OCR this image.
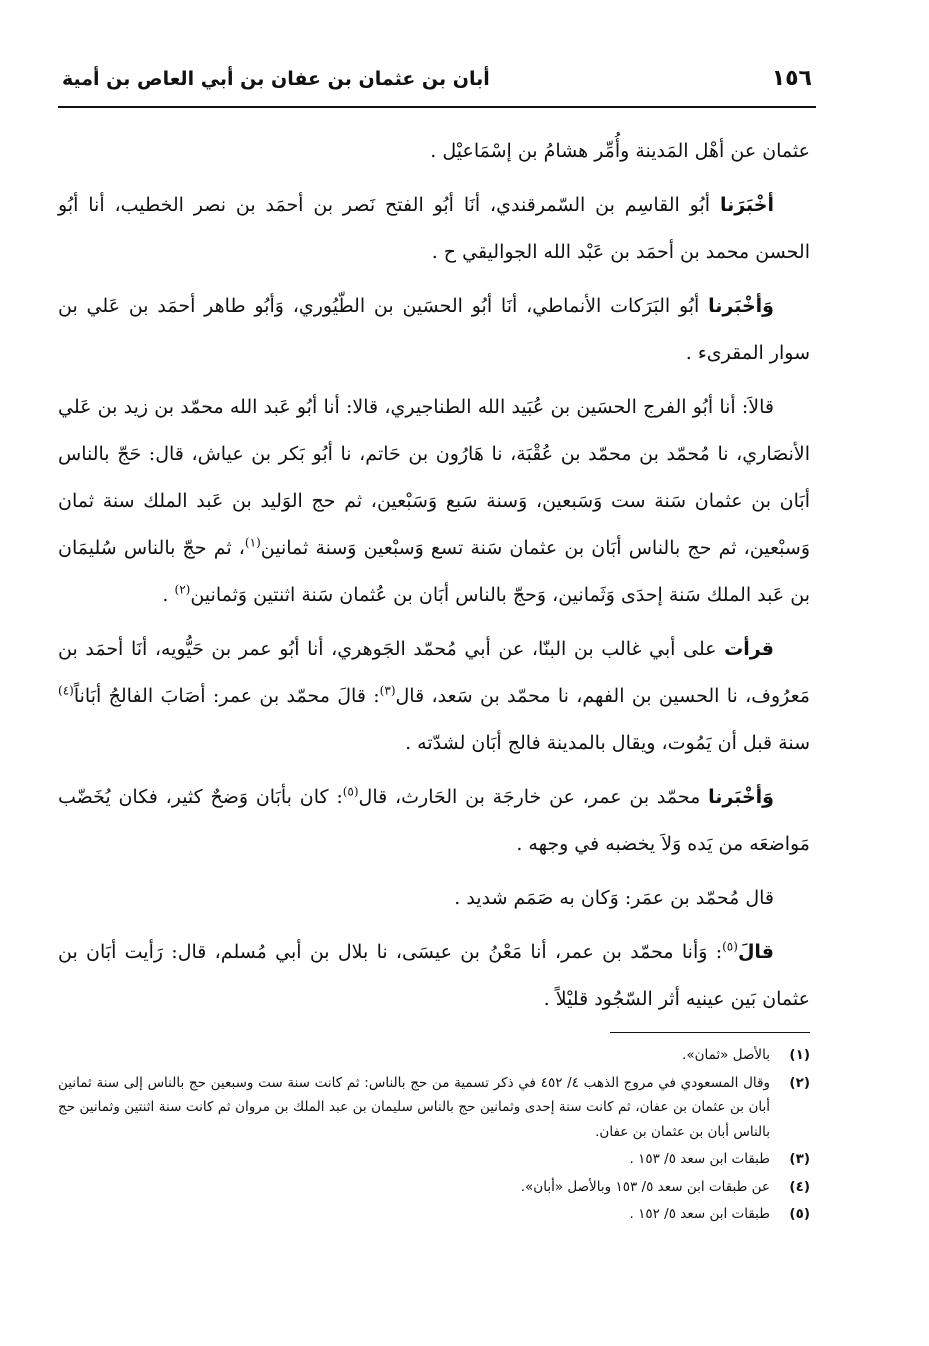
١٥٦
أبان بن عثمان بن عفان بن أبي العاص بن أمية

عثمان عن أهْل المَدينة وأُمِّر هشامُ بن إسْمَاعيْل .

أخْبَرَنا أبُو القاسِم بن السّمرقندي، أنَا أبُو الفتح نَصر بن أحمَد بن نصر الخطيب، أنا أبُو الحسن محمد بن أحمَد بن عَبْد الله الجواليقي ح .

وَأخْبَرنا أبُو البَرَكات الأنماطي، أنَا أبُو الحسَين بن الطّيُوري، وَأبُو طاهر أحمَد بن عَلي بن سوار المقرىء .

قالاَ: أنا أبُو الفرج الحسَين بن عُبَيد الله الطناجيري، قالا: أنا أبُو عَبد الله محمّد بن زيد بن عَلي الأنصَاري، نا مُحمّد بن محمّد بن عُقْبَة، نا هَارُون بن حَاتم، نا أبُو بَكر بن عياش، قال: حَجّ بالناس أبَان بن عثمان سَنة ست وَسَبعين، وَسنة سَبع وَسَبْعين، ثم حج الوَليد بن عَبد الملك سنة ثمان وَسبْعين، ثم حج بالناس أبَان بن عثمان سَنة تسع وَسبْعين وَسنة ثمانين$^{(١)}$، ثم حجّ بالناس سُليمَان بن عَبد الملك سَنة إحدَى وَثَمانين، وَحجّ بالناس أبَان بن عُثمان سَنة اثنتين وَثمانين$^{(٢)}$ .

قرأت على أبي غالب بن البنّا، عن أبي مُحمّد الجَوهري، أنا أبُو عمر بن حَيُّويه، أنَا أحمَد بن مَعرُوف، نا الحسين بن الفهم، نا محمّد بن سَعد، قال$^{(٣)}$: قالَ محمّد بن عمر: أصَابَ الفالجُ أبَاناً$^{(٤)}$ سنة قبل أن يَمُوت، ويقال بالمدينة فالج أبَان لشدّته .

وَأخْبَرنا محمّد بن عمر، عن خارجَة بن الحَارث، قال$^{(٥)}$: كان بأبَان وَضحٌ كثير، فكان يُخَضّب مَواضعَه من يَده وَلاَ يخضبه في وجهه .

قال مُحمّد بن عمَر: وَكان به صَمَم شديد .

قالَ$^{(٥)}$: وَأنا محمّد بن عمر، أنا مَعْنُ بن عيسَى، نا بلال بن أبي مُسلم، قال: رَأيت أبَان بن عثمان بَين عينيه أثر السّجُود قليْلاً .

(١)
بالأصل «ثمان».
(٢)
وقال المسعودي في مروج الذهب ٤/ ٤٥٢ في ذكر تسمية من حج بالناس: ثم كانت سنة ست وسبعين حج بالناس إلى سنة ثمانين أبان بن عثمان بن عفان، ثم كانت سنة إحدى وثمانين حج بالناس سليمان بن عبد الملك بن مروان ثم كانت سنة اثنتين وثمانين حج بالناس أبان بن عثمان بن عفان.
(٣)
طبقات ابن سعد ٥/ ١٥٣ .
(٤)
عن طبقات ابن سعد ٥/ ١٥٣ وبالأصل «أبان».
(٥)
طبقات ابن سعد ٥/ ١٥٢ .
